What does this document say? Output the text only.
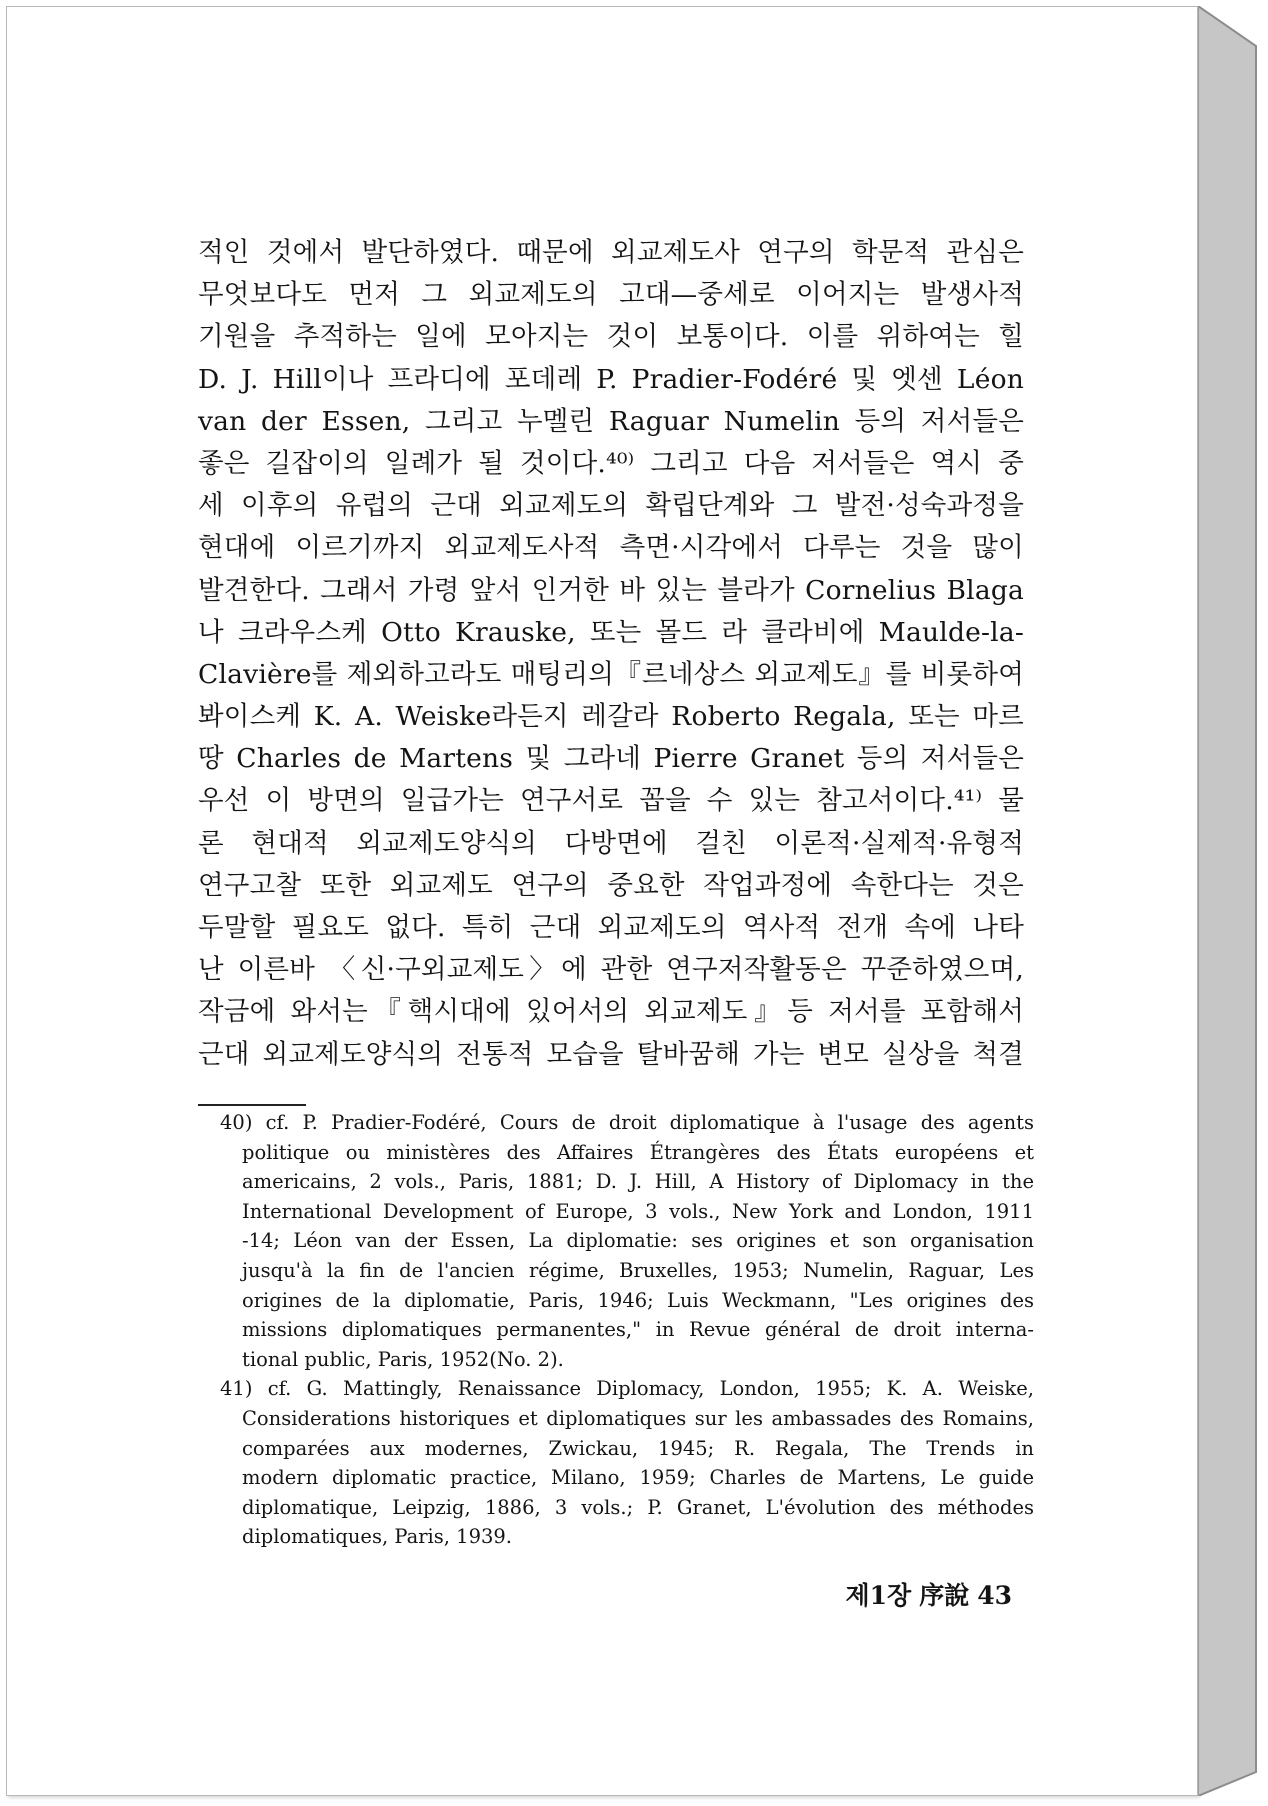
적인 것에서 발단하였다. 때문에 외교제도사 연구의 학문적 관심은
무엇보다도 먼저 그 외교제도의 고대—중세로 이어지는 발생사적
기원을 추적하는 일에 모아지는 것이 보통이다. 이를 위하여는 힐
D. J. Hill이나 프라디에 포데레 P. Pradier-Fodéré 및 엣센 Léon
van der Essen, 그리고 누멜린 Raguar Numelin 등의 저서들은
좋은 길잡이의 일례가 될 것이다.⁴⁰⁾ 그리고 다음 저서들은 역시 중
세 이후의 유럽의 근대 외교제도의 확립단계와 그 발전·성숙과정을
현대에 이르기까지 외교제도사적 측면·시각에서 다루는 것을 많이
발견한다. 그래서 가령 앞서 인거한 바 있는 블라가 Cornelius Blaga
나 크라우스케 Otto Krauske, 또는 몰드 라 클라비에 Maulde-la-
Clavière를 제외하고라도 매팅리의『르네상스 외교제도』를 비롯하여
봐이스케 K. A. Weiske라든지 레갈라 Roberto Regala, 또는 마르
땅 Charles de Martens 및 그라네 Pierre Granet 등의 저서들은
우선 이 방면의 일급가는 연구서로 꼽을 수 있는 참고서이다.⁴¹⁾ 물
론 현대적 외교제도양식의 다방면에 걸친 이론적·실제적·유형적
연구고찰 또한 외교제도 연구의 중요한 작업과정에 속한다는 것은
두말할 필요도 없다. 특히 근대 외교제도의 역사적 전개 속에 나타
난 이른바 〈신·구외교제도〉에 관한 연구저작활동은 꾸준하였으며,
작금에 와서는『핵시대에 있어서의 외교제도』등 저서를 포함해서
근대 외교제도양식의 전통적 모습을 탈바꿈해 가는 변모 실상을 척결
40) cf. P. Pradier-Fodéré, Cours de droit diplomatique à l'usage des agents
politique ou ministères des Affaires Étrangères des États européens et
americains, 2 vols., Paris, 1881; D. J. Hill, A History of Diplomacy in the
International Development of Europe, 3 vols., New York and London, 1911
-14; Léon van der Essen, La diplomatie: ses origines et son organisation
jusqu'à la fin de l'ancien régime, Bruxelles, 1953; Numelin, Raguar, Les
origines de la diplomatie, Paris, 1946; Luis Weckmann, "Les origines des
missions diplomatiques permanentes," in Revue général de droit interna-
tional public, Paris, 1952(No. 2).
41) cf. G. Mattingly, Renaissance Diplomacy, London, 1955; K. A. Weiske,
Considerations historiques et diplomatiques sur les ambassades des Romains,
comparées aux modernes, Zwickau, 1945; R. Regala, The Trends in
modern diplomatic practice, Milano, 1959; Charles de Martens, Le guide
diplomatique, Leipzig, 1886, 3 vols.; P. Granet, L'évolution des méthodes
diplomatiques, Paris, 1939.
제1장 序說 43
